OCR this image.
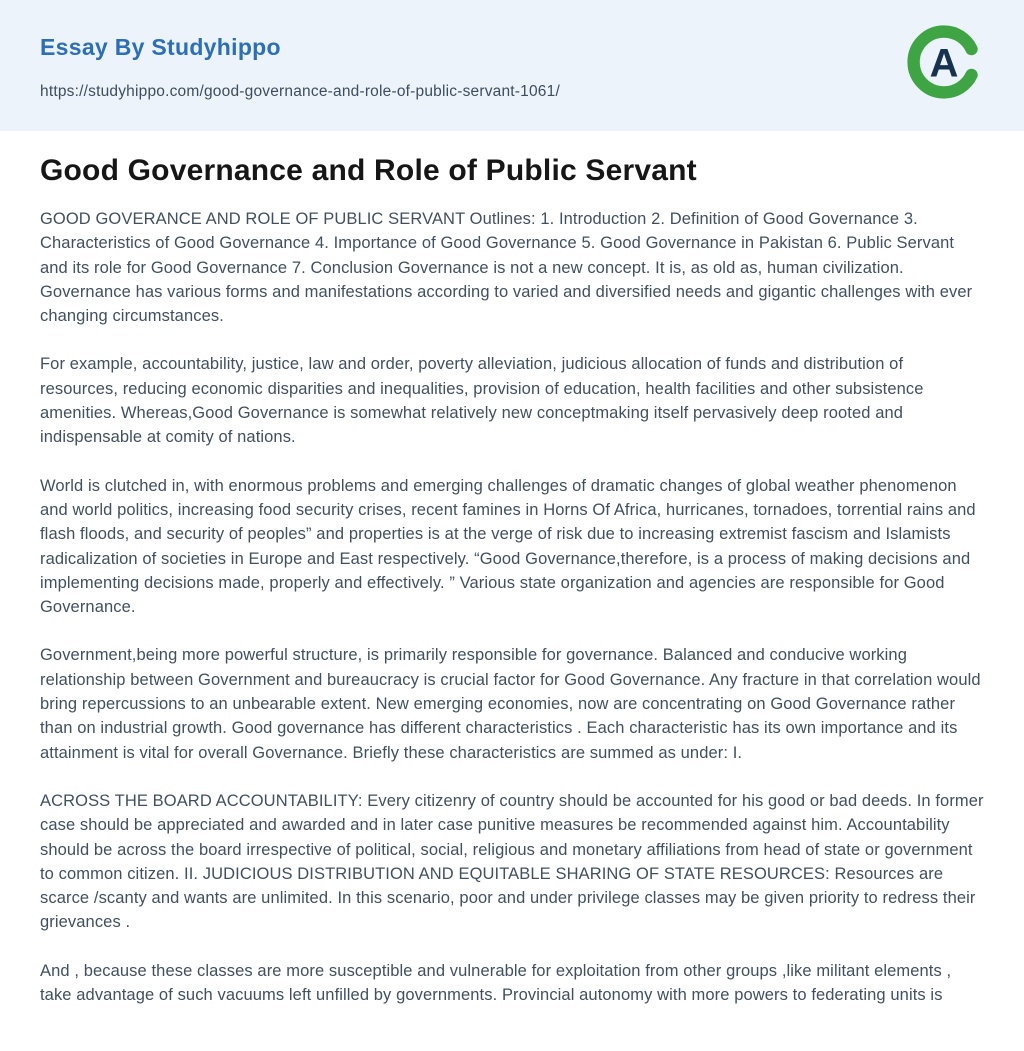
Essay By Studyhippo
https://studyhippo.com/good-governance-and-role-of-public-servant-1061/
A
Good Governance and Role of Public Servant

GOOD GOVERANCE AND ROLE OF PUBLIC SERVANT Outlines: 1. Introduction 2. Definition of Good Governance 3. Characteristics of Good Governance 4. Importance of Good Governance 5. Good Governance in Pakistan 6. Public Servant and its role for Good Governance 7. Conclusion Governance is not a new concept. It is, as old as, human civilization. Governance has various forms and manifestations according to varied and diversified needs and gigantic challenges with ever changing circumstances.

For example, accountability, justice, law and order, poverty alleviation, judicious allocation of funds and distribution of resources, reducing economic disparities and inequalities, provision of education, health facilities and other subsistence amenities. Whereas,Good Governance is somewhat relatively new conceptmaking itself pervasively deep rooted and indispensable at comity of nations.

World is clutched in, with enormous problems and emerging challenges of dramatic changes of global weather phenomenon and world politics, increasing food security crises, recent famines in Horns Of Africa, hurricanes, tornadoes, torrential rains and flash floods, and security of peoples” and properties is at the verge of risk due to increasing extremist fascism and Islamists radicalization of societies in Europe and East respectively. “Good Governance,therefore, is a process of making decisions and implementing decisions made, properly and effectively. ” Various state organization and agencies are responsible for Good Governance.

Government,being more powerful structure, is primarily responsible for governance. Balanced and conducive working relationship between Government and bureaucracy is crucial factor for Good Governance. Any fracture in that correlation would bring repercussions to an unbearable extent. New emerging economies, now are concentrating on Good Governance rather than on industrial growth. Good governance has different characteristics . Each characteristic has its own importance and its attainment is vital for overall Governance. Briefly these characteristics are summed as under: I.

ACROSS THE BOARD ACCOUNTABILITY: Every citizenry of country should be accounted for his good or bad deeds. In former case should be appreciated and awarded and in later case punitive measures be recommended against him. Accountability should be across the board irrespective of political, social, religious and monetary affiliations from head of state or government to common citizen. II. JUDICIOUS DISTRIBUTION AND EQUITABLE SHARING OF STATE RESOURCES: Resources are scarce /scanty and wants are unlimited. In this scenario, poor and under privilege classes may be given priority to redress their grievances .

And , because these classes are more susceptible and vulnerable for exploitation from other groups ,like militant elements , take advantage of such vacuums left unfilled by governments. Provincial autonomy with more powers to federating units is
